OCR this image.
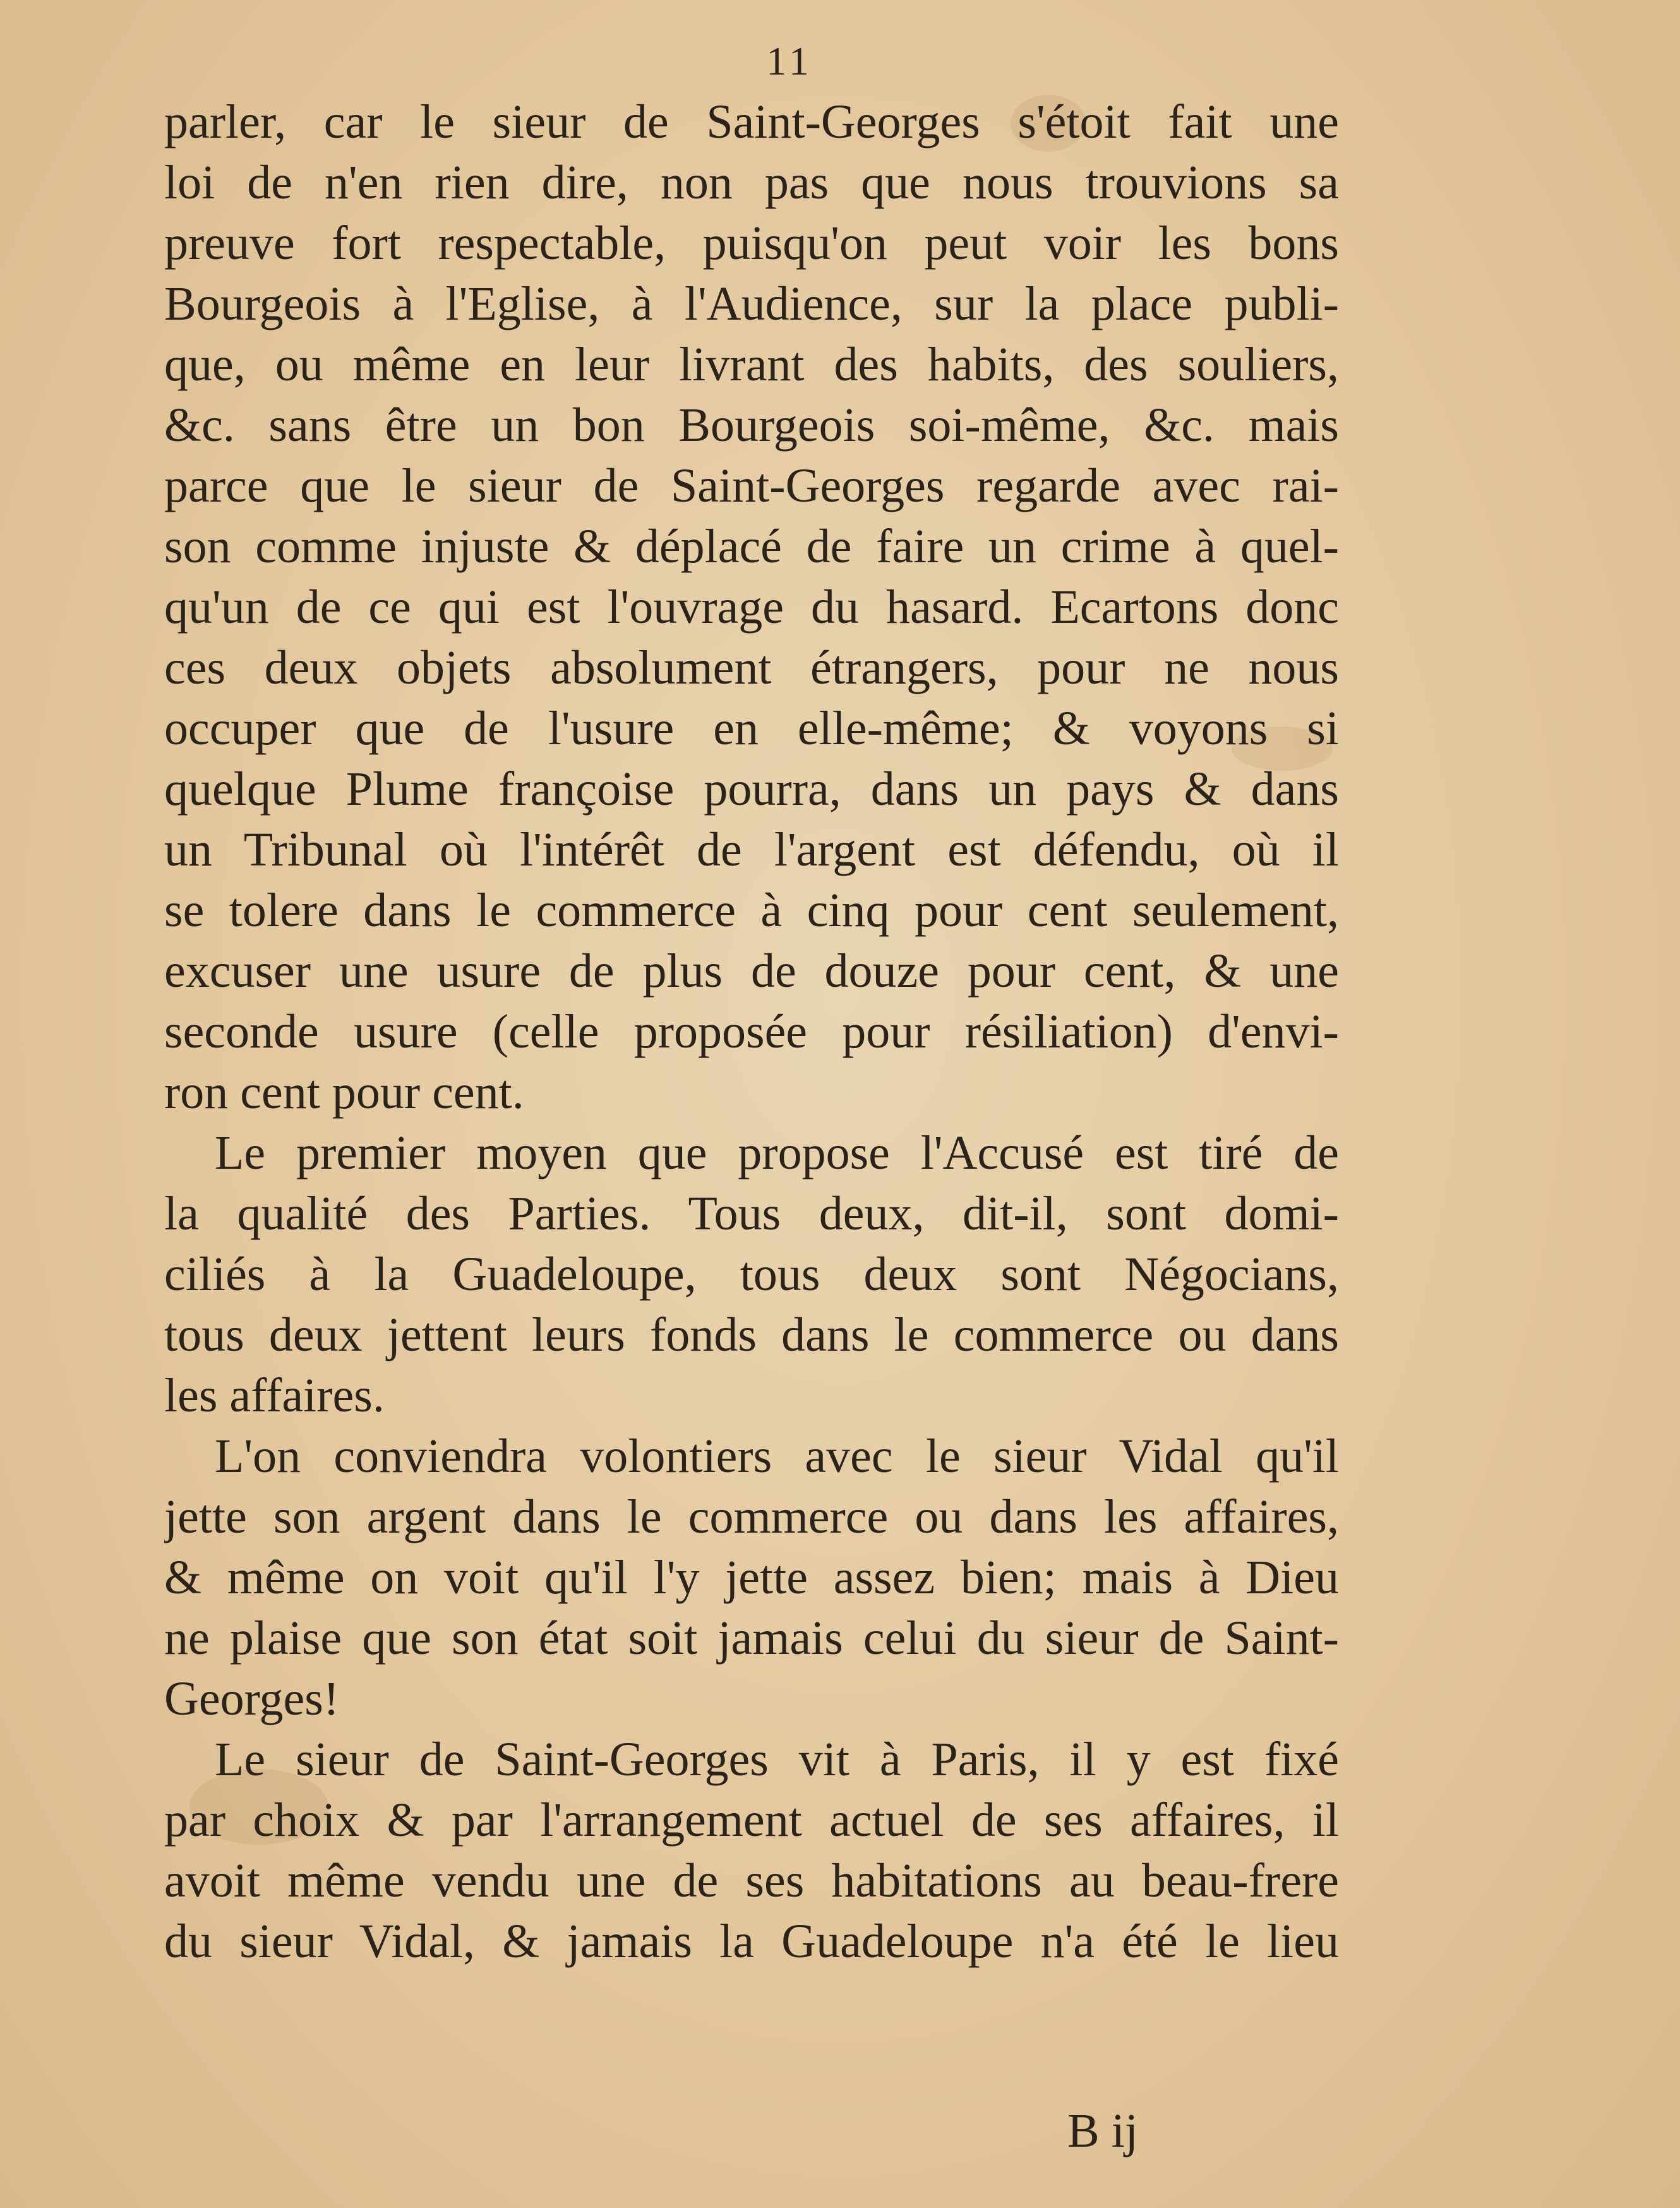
11

parler, car le sieur de Saint-Georges s'étoit fait une
loi de n'en rien dire, non pas que nous trouvions sa
preuve fort respectable, puisqu'on peut voir les bons
Bourgeois à l'Eglise, à l'Audience, sur la place publi-
que, ou même en leur livrant des habits, des souliers,
&c. sans être un bon Bourgeois soi-même, &c. mais
parce que le sieur de Saint-Georges regarde avec rai-
son comme injuste & déplacé de faire un crime à quel-
qu'un de ce qui est l'ouvrage du hasard. Ecartons donc
ces deux objets absolument étrangers, pour ne nous
occuper que de l'usure en elle-même; & voyons si
quelque Plume françoise pourra, dans un pays & dans
un Tribunal où l'intérêt de l'argent est défendu, où il
se tolere dans le commerce à cinq pour cent seulement,
excuser une usure de plus de douze pour cent, & une
seconde usure (celle proposée pour résiliation) d'envi-
ron cent pour cent.
Le premier moyen que propose l'Accusé est tiré de
la qualité des Parties. Tous deux, dit-il, sont domi-
ciliés à la Guadeloupe, tous deux sont Négocians,
tous deux jettent leurs fonds dans le commerce ou dans
les affaires.
L'on conviendra volontiers avec le sieur Vidal qu'il
jette son argent dans le commerce ou dans les affaires,
& même on voit qu'il l'y jette assez bien; mais à Dieu
ne plaise que son état soit jamais celui du sieur de Saint-
Georges!
Le sieur de Saint-Georges vit à Paris, il y est fixé
par choix & par l'arrangement actuel de ses affaires, il
avoit même vendu une de ses habitations au beau-frere
du sieur Vidal, & jamais la Guadeloupe n'a été le lieu

B ij
